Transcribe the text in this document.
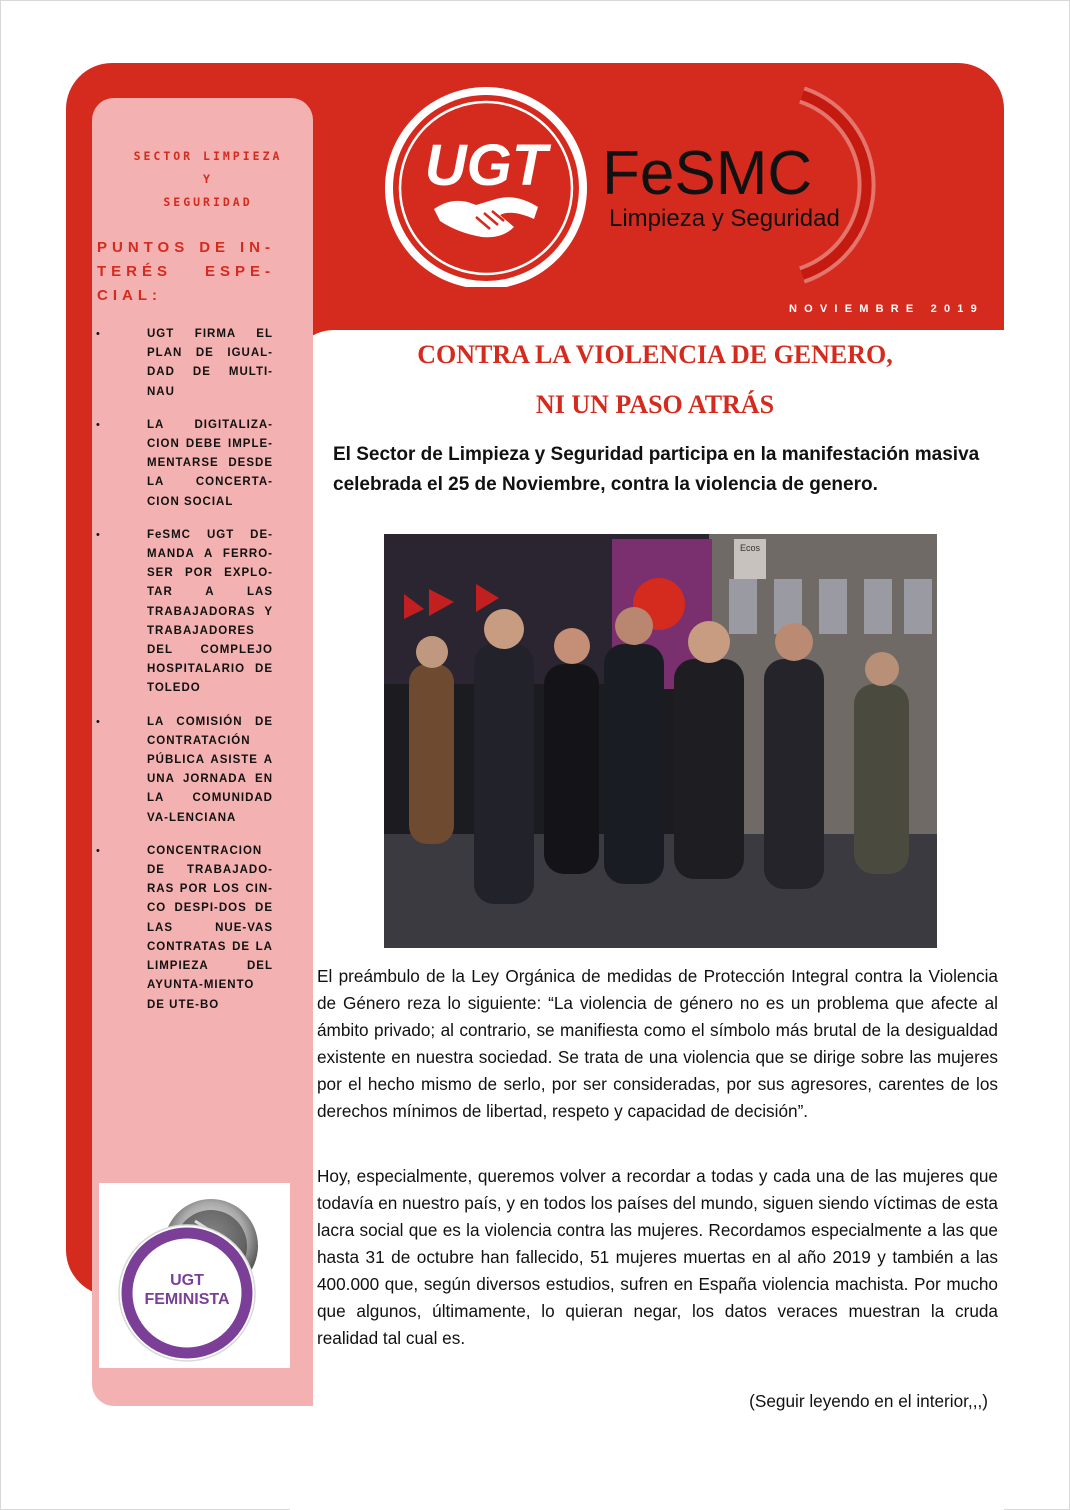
SECTOR LIMPIEZA
Y
SEGURIDAD
PUNTOS DE IN-TERÉS ESPE-CIAL:
•	UGT FIRMA EL PLAN DE IGUAL-DAD DE MULTI-NAU
•	LA DIGITALIZA-CION DEBE IMPLE-MENTARSE DESDE LA CONCERTA-CION SOCIAL
•	FeSMC UGT DE-MANDA A FERRO-SER POR EXPLO-TAR A LAS TRABAJADORAS Y TRABAJADORES DEL COMPLEJO HOSPITALARIO DE TOLEDO
•	LA COMISIÓN DE CONTRATACIÓN PÚBLICA ASISTE A UNA JORNADA EN LA COMUNIDAD VA-LENCIANA
•	CONCENTRACION DE TRABAJADO-RAS POR LOS CIN-CO DESPI-DOS DE LAS NUE-VAS CONTRATAS DE LA LIMPIEZA DEL AYUNTA-MIENTO DE UTE-BO
8 DE MARZO
UGT
FEMINISTA
DÍA INTERNACIONAL DE LA MUJER
UGT FeSMC
Limpieza y Seguridad
NOVIEMBRE 2019
CONTRA LA VIOLENCIA DE GENERO,
NI UN PASO ATRÁS
El Sector de Limpieza y Seguridad participa en la manifestación masiva celebrada el 25 de Noviembre, contra la violencia de genero.
Ecos

El preámbulo de la Ley Orgánica de medidas de Protección Integral contra la Violencia de Género reza lo siguiente: “La violencia de género no es un problema que afecte al ámbito privado; al contrario, se manifiesta como el símbolo más brutal de la desigualdad existente en nuestra sociedad. Se trata de una violencia que se dirige sobre las mujeres por el hecho mismo de serlo, por ser consideradas, por sus agresores, carentes de los derechos mínimos de libertad, respeto y capacidad de decisión”.

Hoy, especialmente, queremos volver a recordar a todas y cada una de las mujeres que todavía en nuestro país, y en todos los países del mundo, siguen siendo víctimas de esta lacra social que es la violencia contra las mujeres. Recordamos especialmente a las que hasta 31 de octubre han fallecido, 51 mujeres muertas en al año 2019 y también a las 400.000 que, según diversos estudios, sufren en España violencia machista. Por mucho que algunos, últimamente, lo quieran negar, los datos veraces muestran la cruda realidad tal cual es.

(Seguir leyendo en el interior,,,)
